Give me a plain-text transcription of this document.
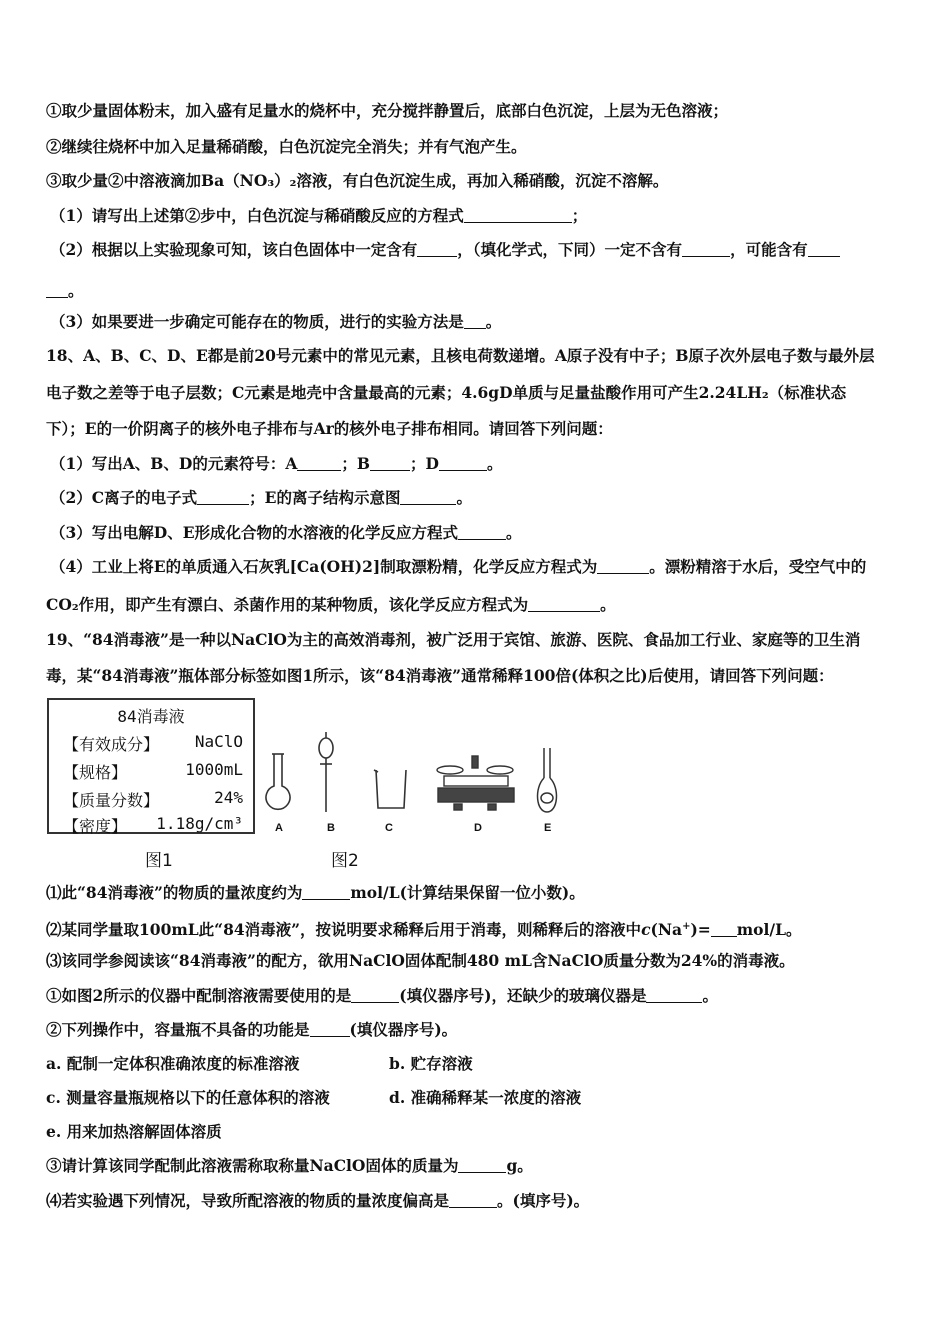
①取少量固体粉末，加入盛有足量水的烧杯中，充分搅拌静置后，底部白色沉淀，上层为无色溶液；
②继续往烧杯中加入足量稀硝酸，白色沉淀完全消失；并有气泡产生。
③取少量②中溶液滴加Ba（NO₃）₂溶液，有白色沉淀生成，再加入稀硝酸，沉淀不溶解。
（1）请写出上述第②步中，白色沉淀与稀硝酸反应的方程式	；
（2）根据以上实验现象可知，该白色固体中一定含有	，（填化学式，下同）一定不含有	，可能含有
。
（3）如果要进一步确定可能存在的物质，进行的实验方法是 。
18、A、B、C、D、E都是前20号元素中的常见元素，且核电荷数递增。A原子没有中子；B原子次外层电子数与最外层
电子数之差等于电子层数；C元素是地壳中含量最高的元素；4.6gD单质与足量盐酸作用可产生2.24LH₂（标准状态
下）；E的一价阴离子的核外电子排布与Ar的核外电子排布相同。请回答下列问题：
（1）写出A、B、D的元素符号：A	；B	；D	。
（2）C离子的电子式	；E的离子结构示意图	。
（3）写出电解D、E形成化合物的水溶液的化学反应方程式	。
（4）工业上将E的单质通入石灰乳[Ca(OH)2]制取漂粉精，化学反应方程式为	。漂粉精溶于水后，受空气中的
CO₂作用，即产生有漂白、杀菌作用的某种物质，该化学反应方程式为	。
19、“84消毒液”是一种以NaClO为主的高效消毒剂，被广泛用于宾馆、旅游、医院、食品加工行业、家庭等的卫生消
毒，某“84消毒液”瓶体部分标签如图1所示，该“84消毒液”通常稀释100倍(体积之比)后使用，请回答下列问题：
84消毒液
【有效成分】 NaClO
【规格】	1000mL
【质量分数】	24%
【密度】 1.18g/cm³	A	B	C	D	E
图1	图2
⑴此“84消毒液”的物质的量浓度约为	mol/L(计算结果保留一位小数)。
⑵某同学量取100mL此“84消毒液”，按说明要求稀释后用于消毒，则稀释后的溶液中c(Na+)= mol/L。
⑶该同学参阅读该“84消毒液”的配方，欲用NaClO固体配制480 mL含NaClO质量分数为24%的消毒液。
①如图2所示的仪器中配制溶液需要使用的是	(填仪器序号)，还缺少的玻璃仪器是	。
②下列操作中，容量瓶不具备的功能是	(填仪器序号)。
a. 配制一定体积准确浓度的标准溶液	b. 贮存溶液
c. 测量容量瓶规格以下的任意体积的溶液	d. 准确稀释某一浓度的溶液
e. 用来加热溶解固体溶质
③请计算该同学配制此溶液需称取称量NaClO固体的质量为	g。
⑷若实验遇下列情况，导致所配溶液的物质的量浓度偏高是	。(填序号)。
